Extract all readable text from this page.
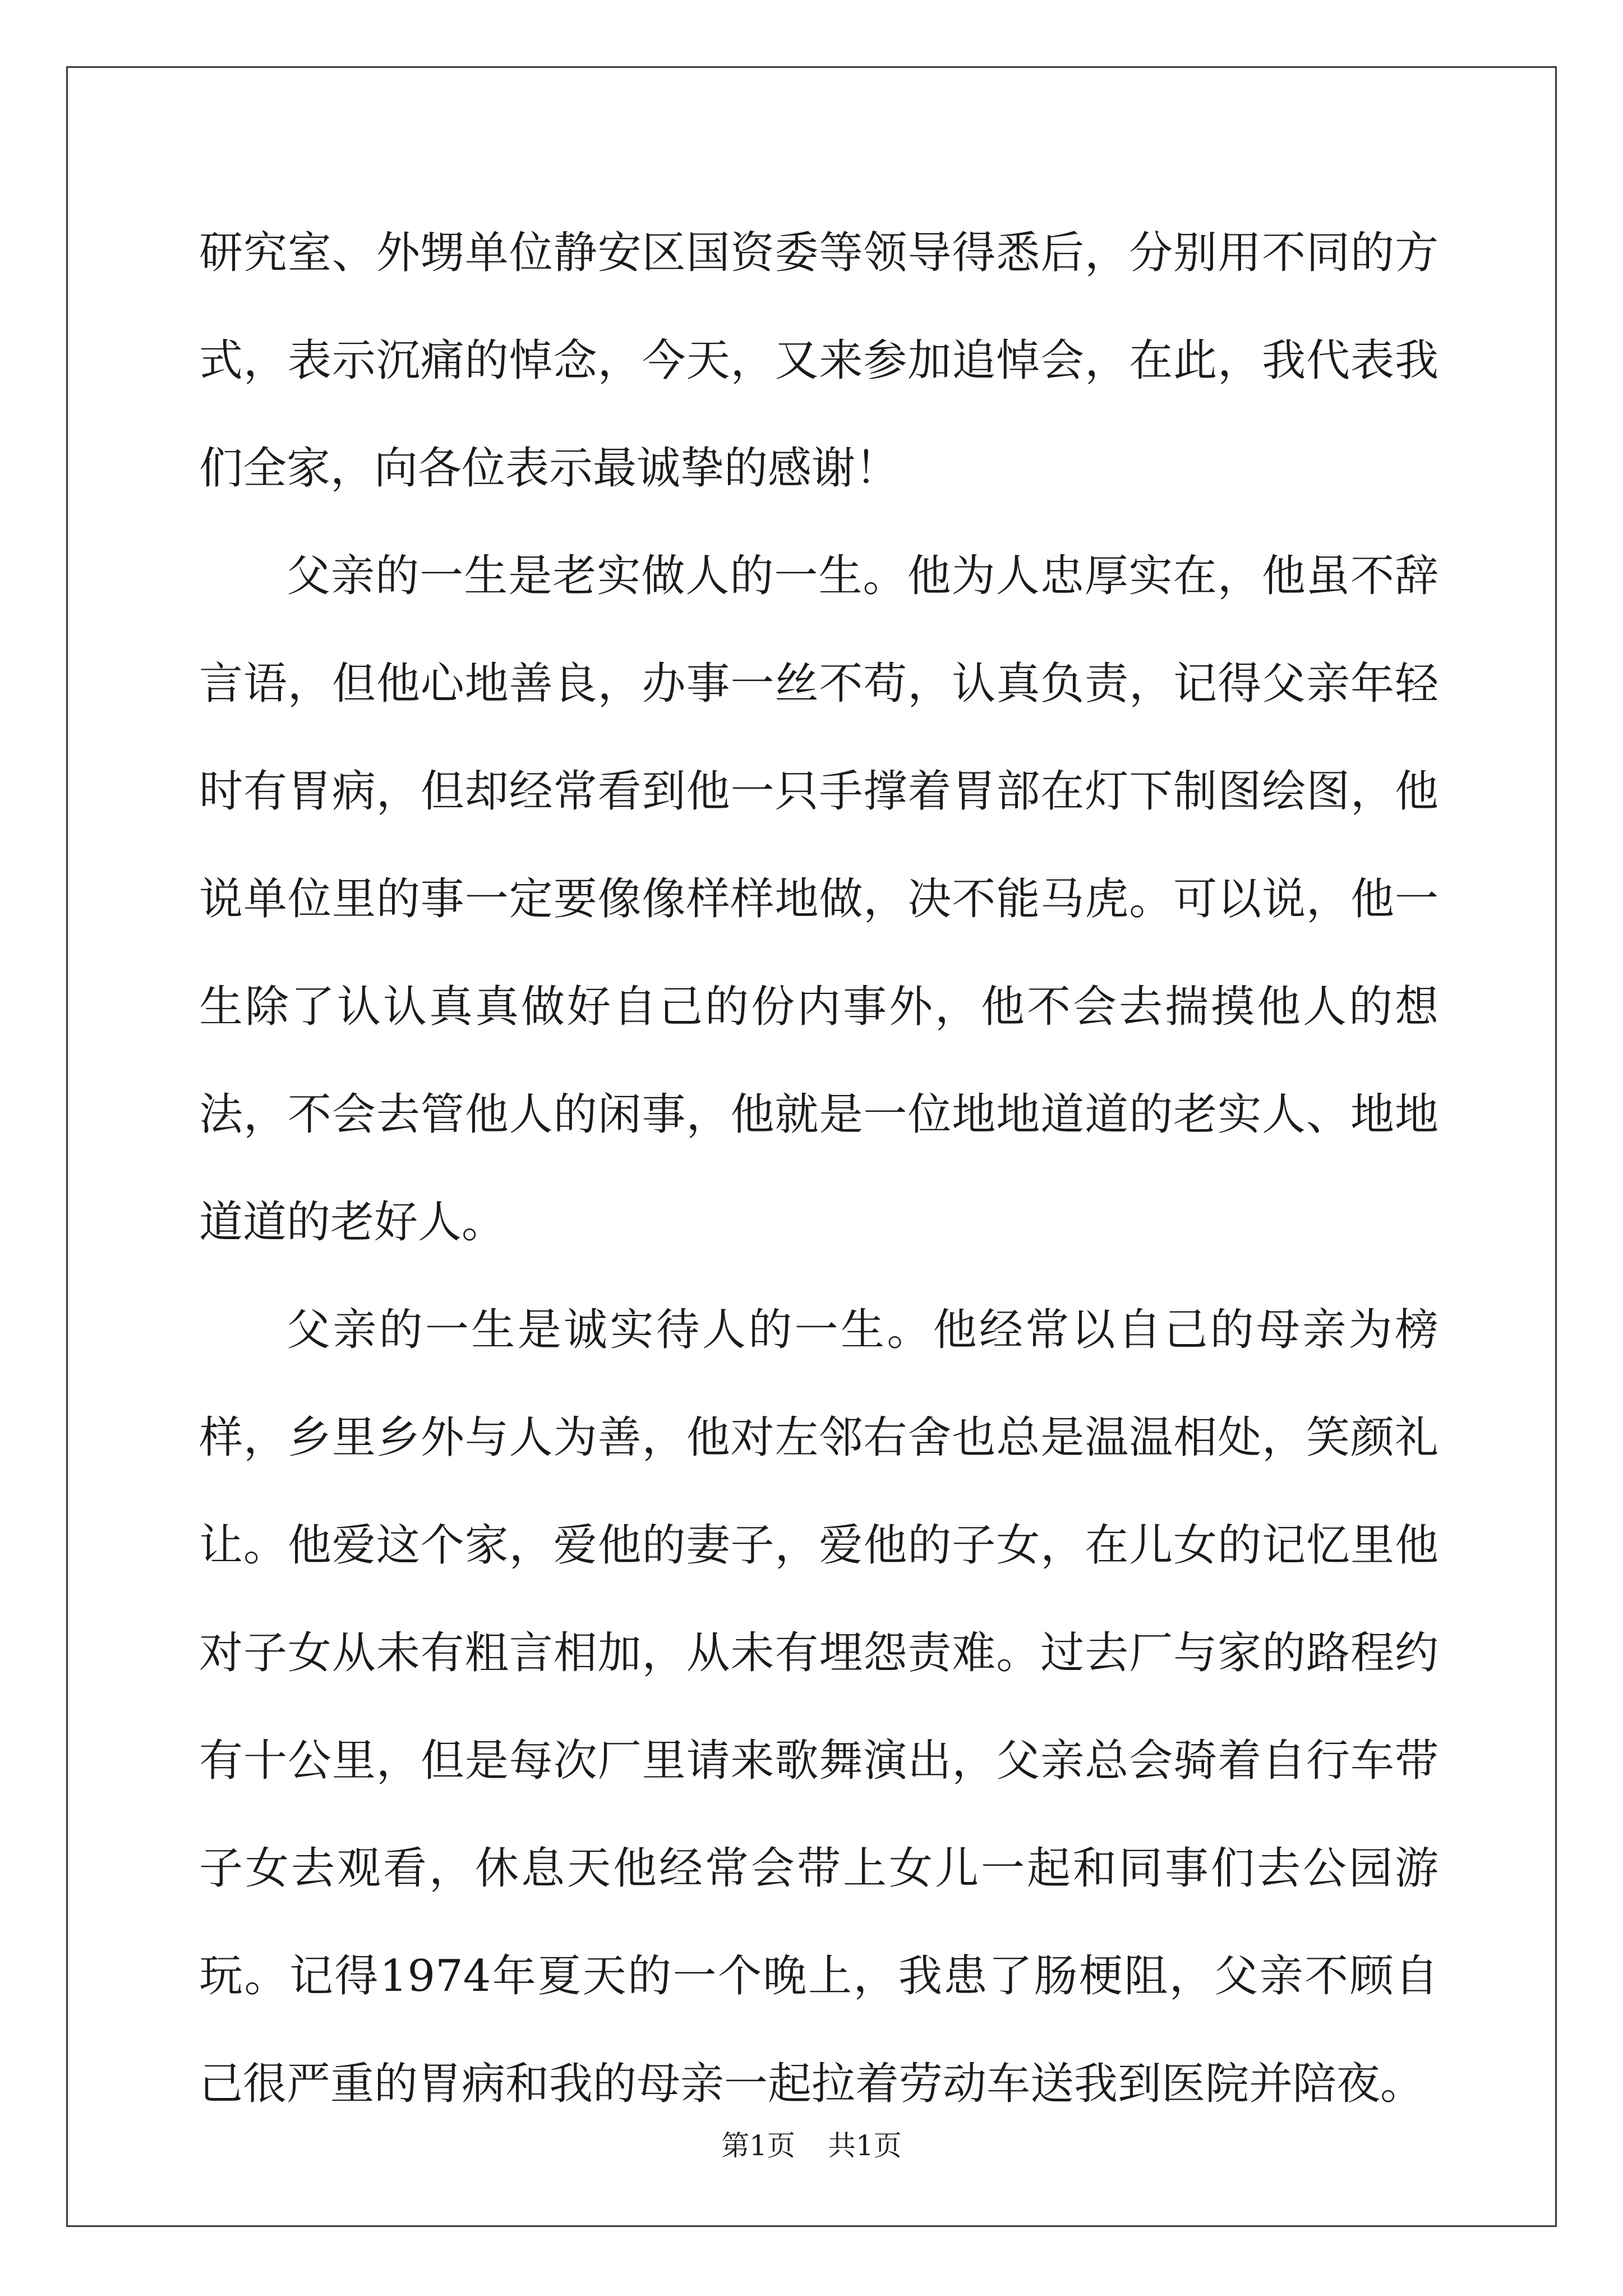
研究室、外甥单位静安区国资委等领导得悉后，分别用不同的方式，表示沉痛的悼念，今天，又来参加追悼会，在此，我代表我们全家，向各位表示最诚挚的感谢！

父亲的一生是老实做人的一生。他为人忠厚实在，他虽不辞言语，但他心地善良，办事一丝不苟，认真负责，记得父亲年轻时有胃病，但却经常看到他一只手撑着胃部在灯下制图绘图，他说单位里的事一定要像像样样地做，决不能马虎。可以说，他一生除了认认真真做好自己的份内事外，他不会去揣摸他人的想法，不会去管他人的闲事，他就是一位地地道道的老实人、地地道道的老好人。

父亲的一生是诚实待人的一生。他经常以自己的母亲为榜样，乡里乡外与人为善，他对左邻右舍也总是温温相处，笑颜礼让。他爱这个家，爱他的妻子，爱他的子女，在儿女的记忆里他对子女从未有粗言相加，从未有埋怨责难。过去厂与家的路程约有十公里，但是每次厂里请来歌舞演出，父亲总会骑着自行车带子女去观看，休息天他经常会带上女儿一起和同事们去公园游玩。记得1974年夏天的一个晚上，我患了肠梗阻，父亲不顾自己很严重的胃病和我的母亲一起拉着劳动车送我到医院并陪夜。

第1页 共1页
